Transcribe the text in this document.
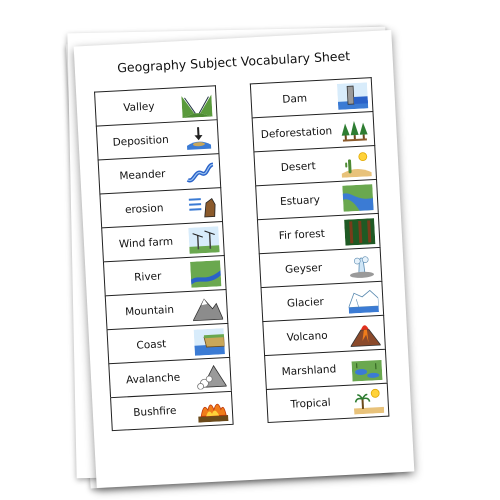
Geography Subject Vocabulary Sheet
Valley
Deposition
Meander
erosion
Wind farm
River
Mountain
Coast
Avalanche
Bushfire
Dam
Deforestation
Desert
Estuary
Fir forest
Geyser
Glacier
Volcano
Marshland
Tropical
